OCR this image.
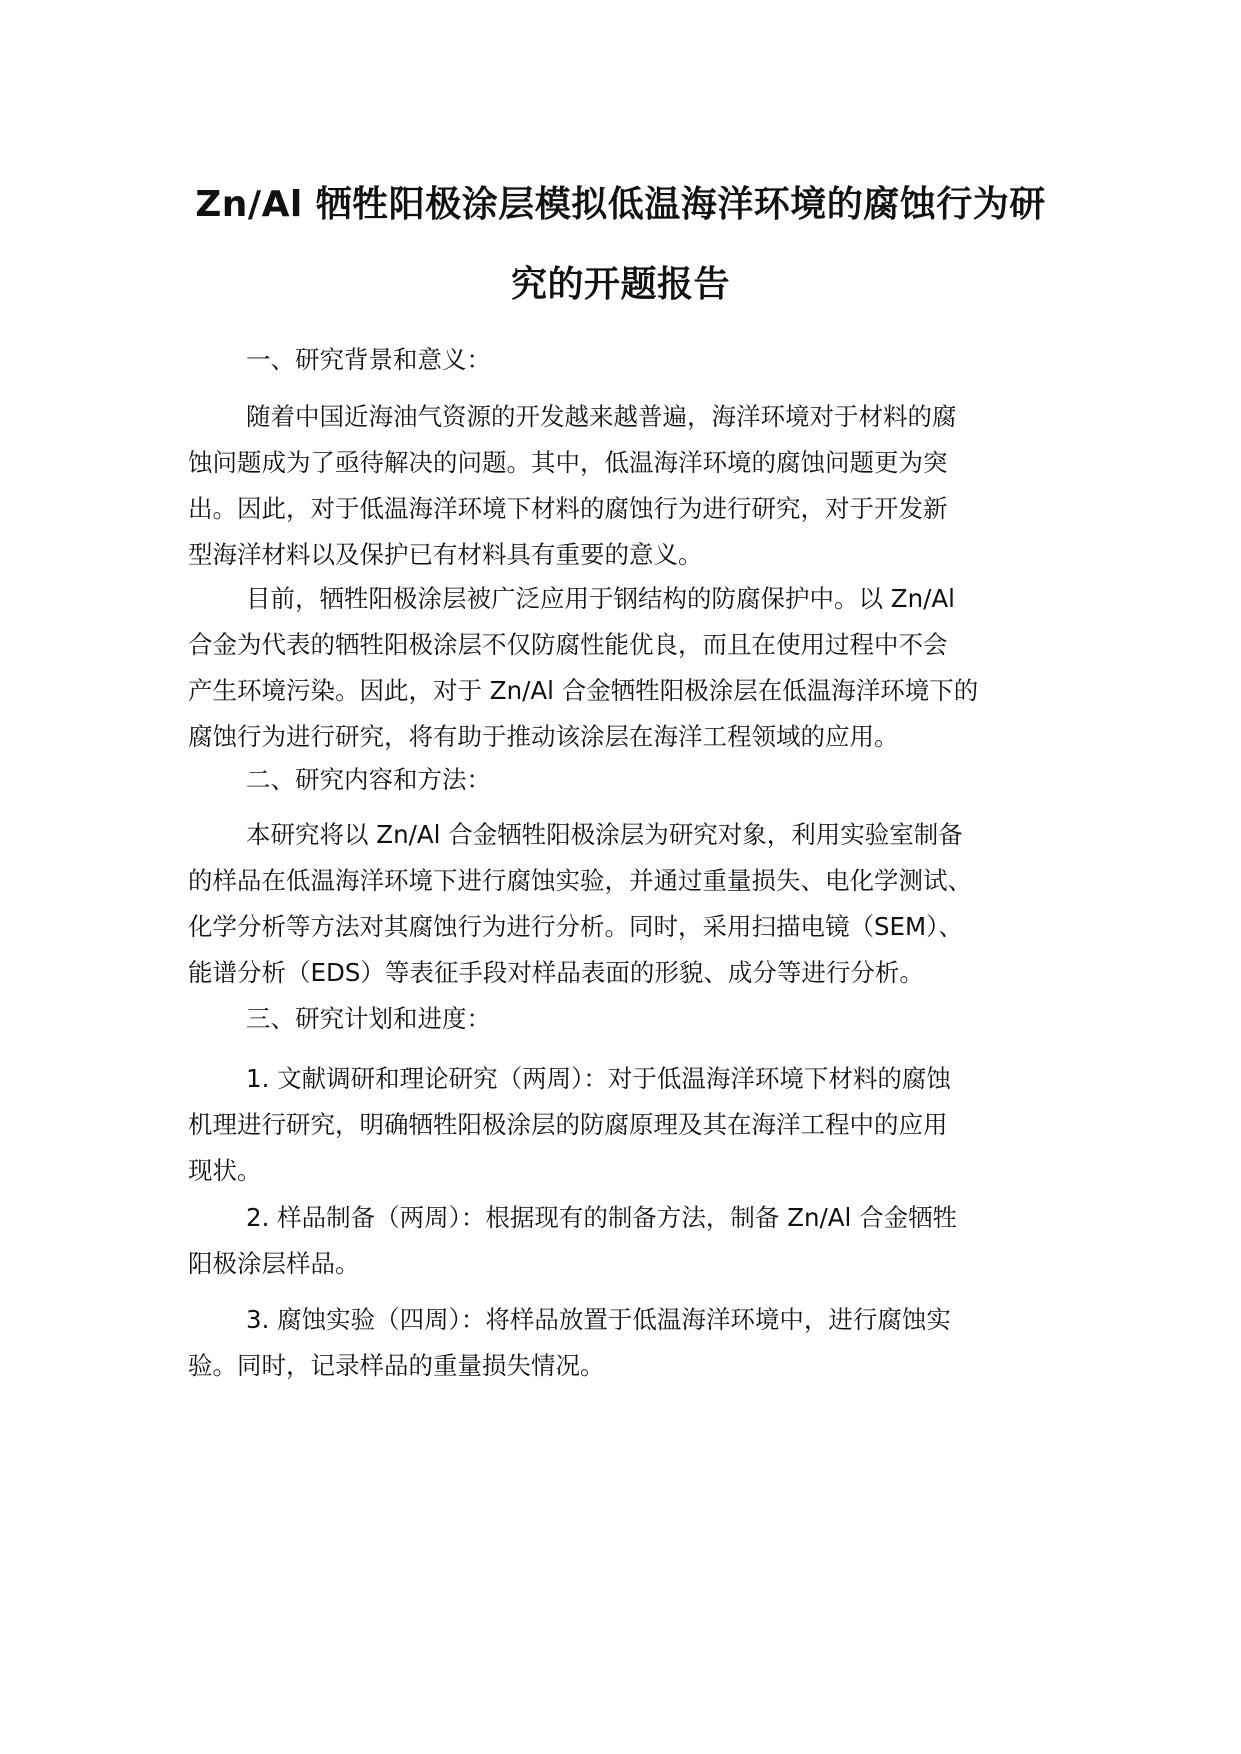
Zn/Al 牺牲阳极涂层模拟低温海洋环境的腐蚀行为研
究的开题报告

一、研究背景和意义：

随着中国近海油气资源的开发越来越普遍，海洋环境对于材料的腐
蚀问题成为了亟待解决的问题。其中，低温海洋环境的腐蚀问题更为突
出。因此，对于低温海洋环境下材料的腐蚀行为进行研究，对于开发新
型海洋材料以及保护已有材料具有重要的意义。

目前，牺牲阳极涂层被广泛应用于钢结构的防腐保护中。以 Zn/Al
合金为代表的牺牲阳极涂层不仅防腐性能优良，而且在使用过程中不会
产生环境污染。因此，对于 Zn/Al 合金牺牲阳极涂层在低温海洋环境下的
腐蚀行为进行研究，将有助于推动该涂层在海洋工程领域的应用。

二、研究内容和方法：

本研究将以 Zn/Al 合金牺牲阳极涂层为研究对象，利用实验室制备
的样品在低温海洋环境下进行腐蚀实验，并通过重量损失、电化学测试、
化学分析等方法对其腐蚀行为进行分析。同时，采用扫描电镜（SEM）、
能谱分析（EDS）等表征手段对样品表面的形貌、成分等进行分析。

三、研究计划和进度：

1. 文献调研和理论研究（两周）：对于低温海洋环境下材料的腐蚀
机理进行研究，明确牺牲阳极涂层的防腐原理及其在海洋工程中的应用
现状。

2. 样品制备（两周）：根据现有的制备方法，制备 Zn/Al 合金牺牲
阳极涂层样品。

3. 腐蚀实验（四周）：将样品放置于低温海洋环境中，进行腐蚀实
验。同时，记录样品的重量损失情况。
